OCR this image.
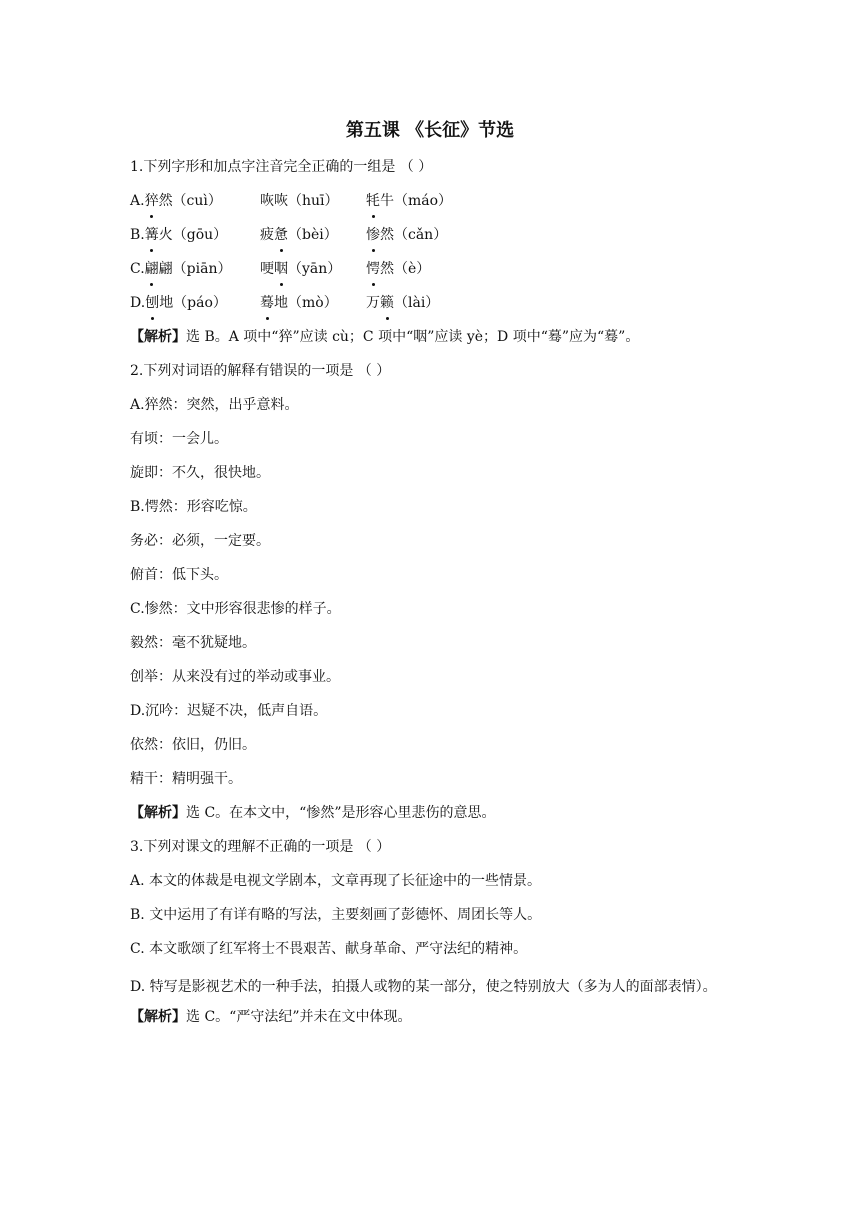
第五课 《长征》节选
1.下列字形和加点字注音完全正确的一组是 （ ）
A.猝然（cuì）	咴咴（huī）	牦牛（máo）
B.篝火（gōu）	疲惫（bèi）	惨然（cǎn）
C.翩翩（piān）	哽咽（yān）	愕然（è）
D.刨地（páo）	蓦地（mò）	万籁（lài）
【解析】选 B。A 项中“猝”应读 cù；C 项中“咽”应读 yè；D 项中“蓦”应为“蓦”。
2.下列对词语的解释有错误的一项是 （ ）
A.猝然：突然，出乎意料。
有顷：一会儿。
旋即：不久，很快地。
B.愕然：形容吃惊。
务必：必须，一定要。
俯首：低下头。
C.惨然：文中形容很悲惨的样子。
毅然：毫不犹疑地。
创举：从来没有过的举动或事业。
D.沉吟：迟疑不决，低声自语。
依然：依旧，仍旧。
精干：精明强干。
【解析】选 C。在本文中，“惨然”是形容心里悲伤的意思。
3.下列对课文的理解不正确的一项是 （ ）
A. 本文的体裁是电视文学剧本，文章再现了长征途中的一些情景。
B. 文中运用了有详有略的写法，主要刻画了彭德怀、周团长等人。
C. 本文歌颂了红军将士不畏艰苦、献身革命、严守法纪的精神。
D. 特写是影视艺术的一种手法，拍摄人或物的某一部分，使之特别放大（多为人的面部表情）。
【解析】选 C。“严守法纪”并未在文中体现。
